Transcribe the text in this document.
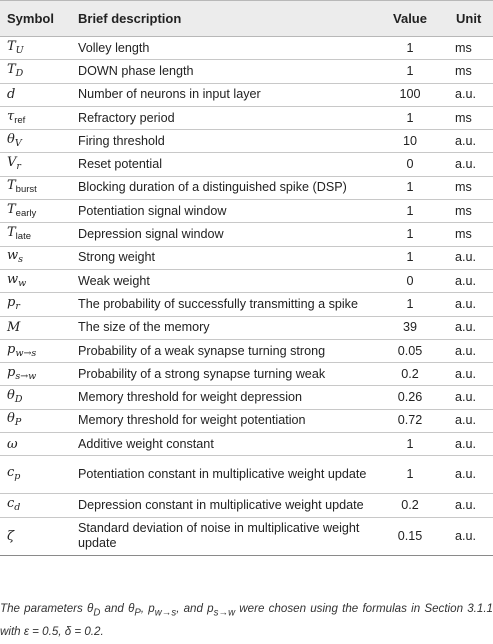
Symbol	Brief description	Value	Unit
$T_U$	Volley length	1	ms
$T_D$	DOWN phase length	1	ms
d	Number of neurons in input layer	100	a.u.
$\tau_{ref}$	Refractory period	1	ms
$\theta_V$	Firing threshold	10	a.u.
$V_r$	Reset potential	0	a.u.
$T_{burst}$	Blocking duration of a distinguished spike (DSP)	1	ms
$T_{early}$	Potentiation signal window	1	ms
$T_{late}$	Depression signal window	1	ms
$w_s$	Strong weight	1	a.u.
$w_w$	Weak weight	0	a.u.
$p_r$	The probability of successfully transmitting a spike	1	a.u.
M	The size of the memory	39	a.u.
$p_{w\to s}$	Probability of a weak synapse turning strong	0.05	a.u.
$p_{s\to w}$	Probability of a strong synapse turning weak	0.2	a.u.
$\theta_D$	Memory threshold for weight depression	0.26	a.u.
$\theta_P$	Memory threshold for weight potentiation	0.72	a.u.
ω	Additive weight constant	1	a.u.
$c_p$	Potentiation constant in multiplicative weight update	1	a.u.
$c_d$	Depression constant in multiplicative weight update	0.2	a.u.
ζ	Standard deviation of noise in multiplicative weight update	0.15	a.u.
The parameters $\theta_D$ and $\theta_P$, $p_{w\to s}$, and $p_{s\to w}$ were chosen using the formulas in Section 3.1.1 with ε = 0.5, δ = 0.2.
